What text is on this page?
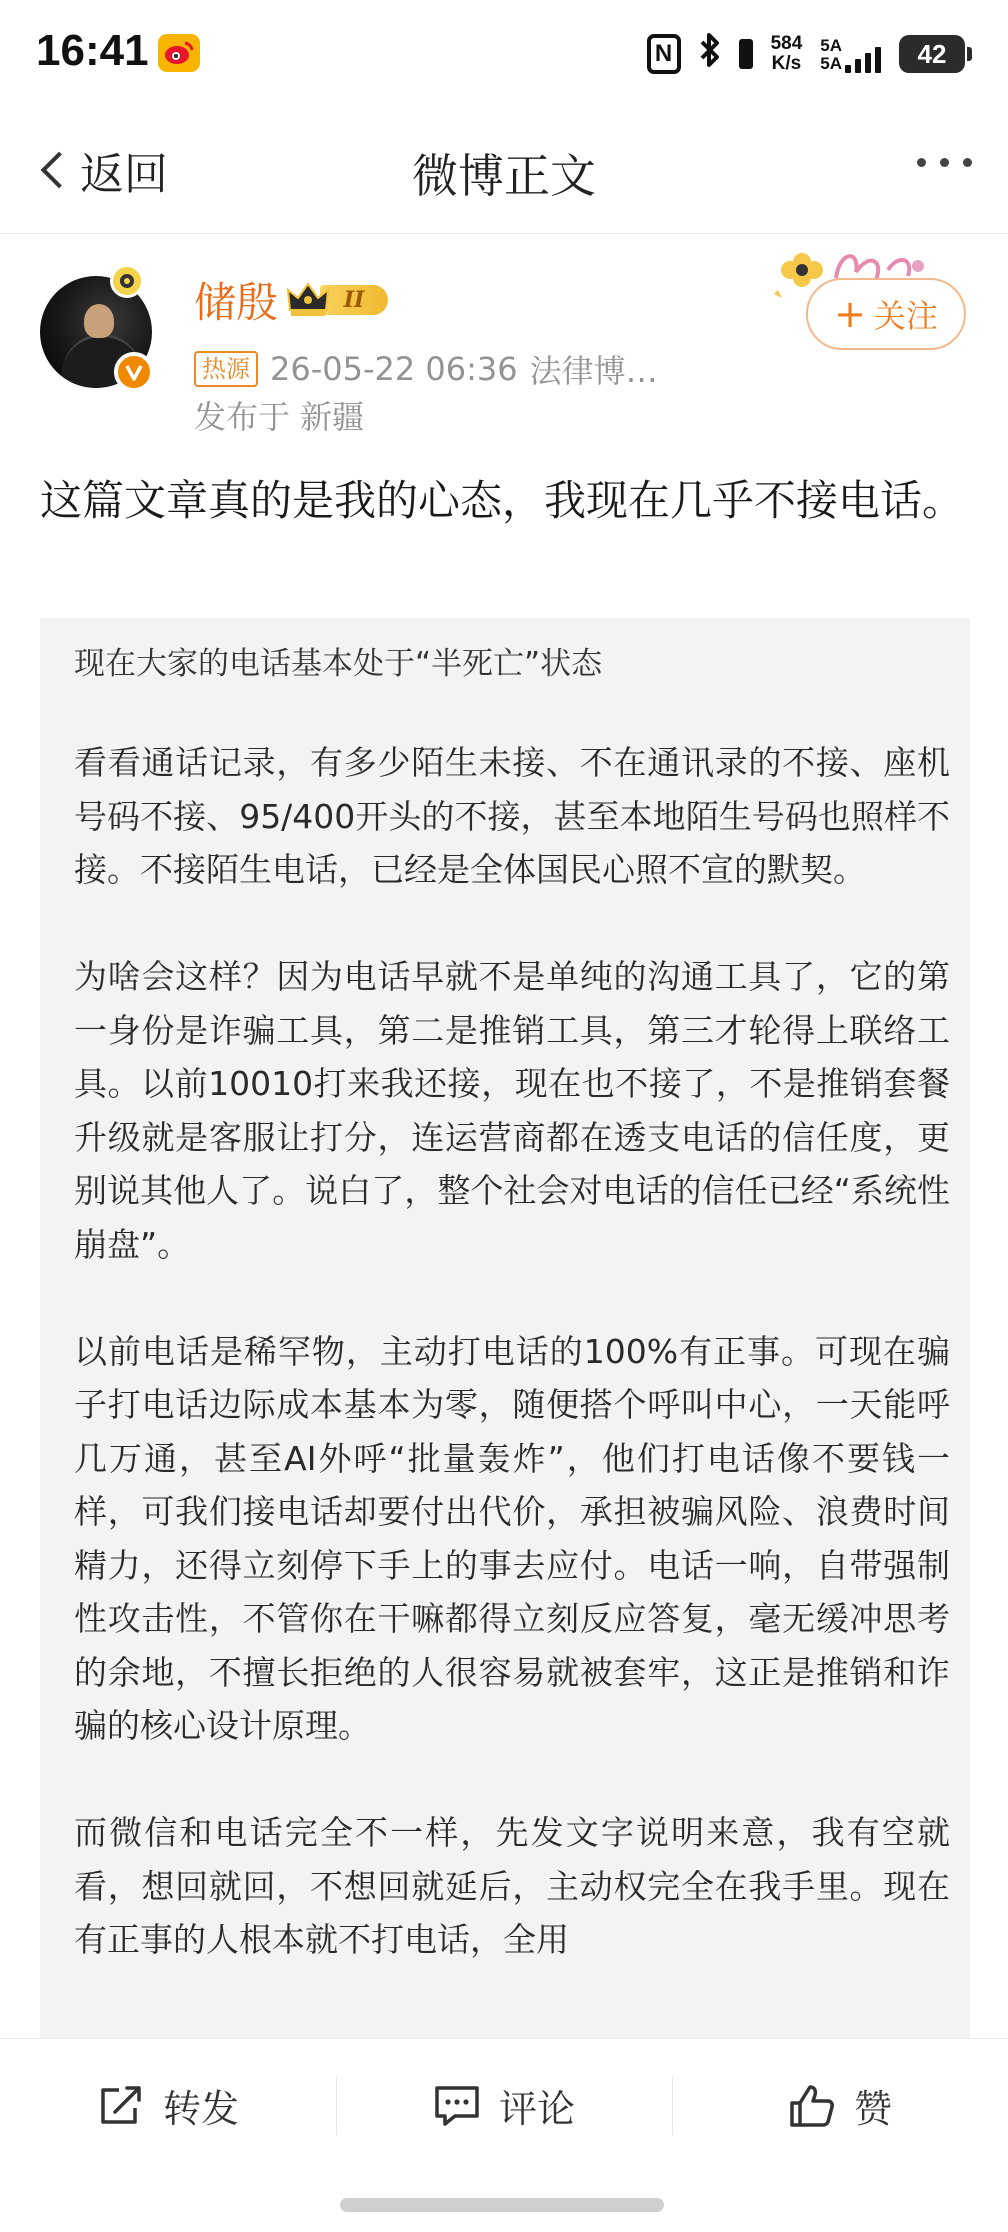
16:41	N	584
K/s
5A
5A	42
返回	微博正文
储殷	II
热源 26-05-22 06:36 法律博…
发布于 新疆
+ 关注
这篇文章真的是我的心态，我现在几乎不接电话。
现在大家的电话基本处于“半死亡”状态

看看通话记录，有多少陌生未接、不在通讯录的不接、座机号码不接、95/400开头的不接，甚至本地陌生号码也照样不接。不接陌生电话，已经是全体国民心照不宣的默契。

为啥会这样？因为电话早就不是单纯的沟通工具了，它的第一身份是诈骗工具，第二是推销工具，第三才轮得上联络工具。以前10010打来我还接，现在也不接了，不是推销套餐升级就是客服让打分，连运营商都在透支电话的信任度，更别说其他人了。说白了，整个社会对电话的信任已经“系统性崩盘”。

以前电话是稀罕物，主动打电话的100%有正事。可现在骗子打电话边际成本基本为零，随便搭个呼叫中心，一天能呼几万通，甚至AI外呼“批量轰炸”，他们打电话像不要钱一样，可我们接电话却要付出代价，承担被骗风险、浪费时间精力，还得立刻停下手上的事去应付。电话一响，自带强制性攻击性，不管你在干嘛都得立刻反应答复，毫无缓冲思考的余地，不擅长拒绝的人很容易就被套牢，这正是推销和诈骗的核心设计原理。

而微信和电话完全不一样，先发文字说明来意，我有空就看，想回就回，不想回就延后，主动权完全在我手里。现在有正事的人根本就不打电话，全用

转发	评论	赞
